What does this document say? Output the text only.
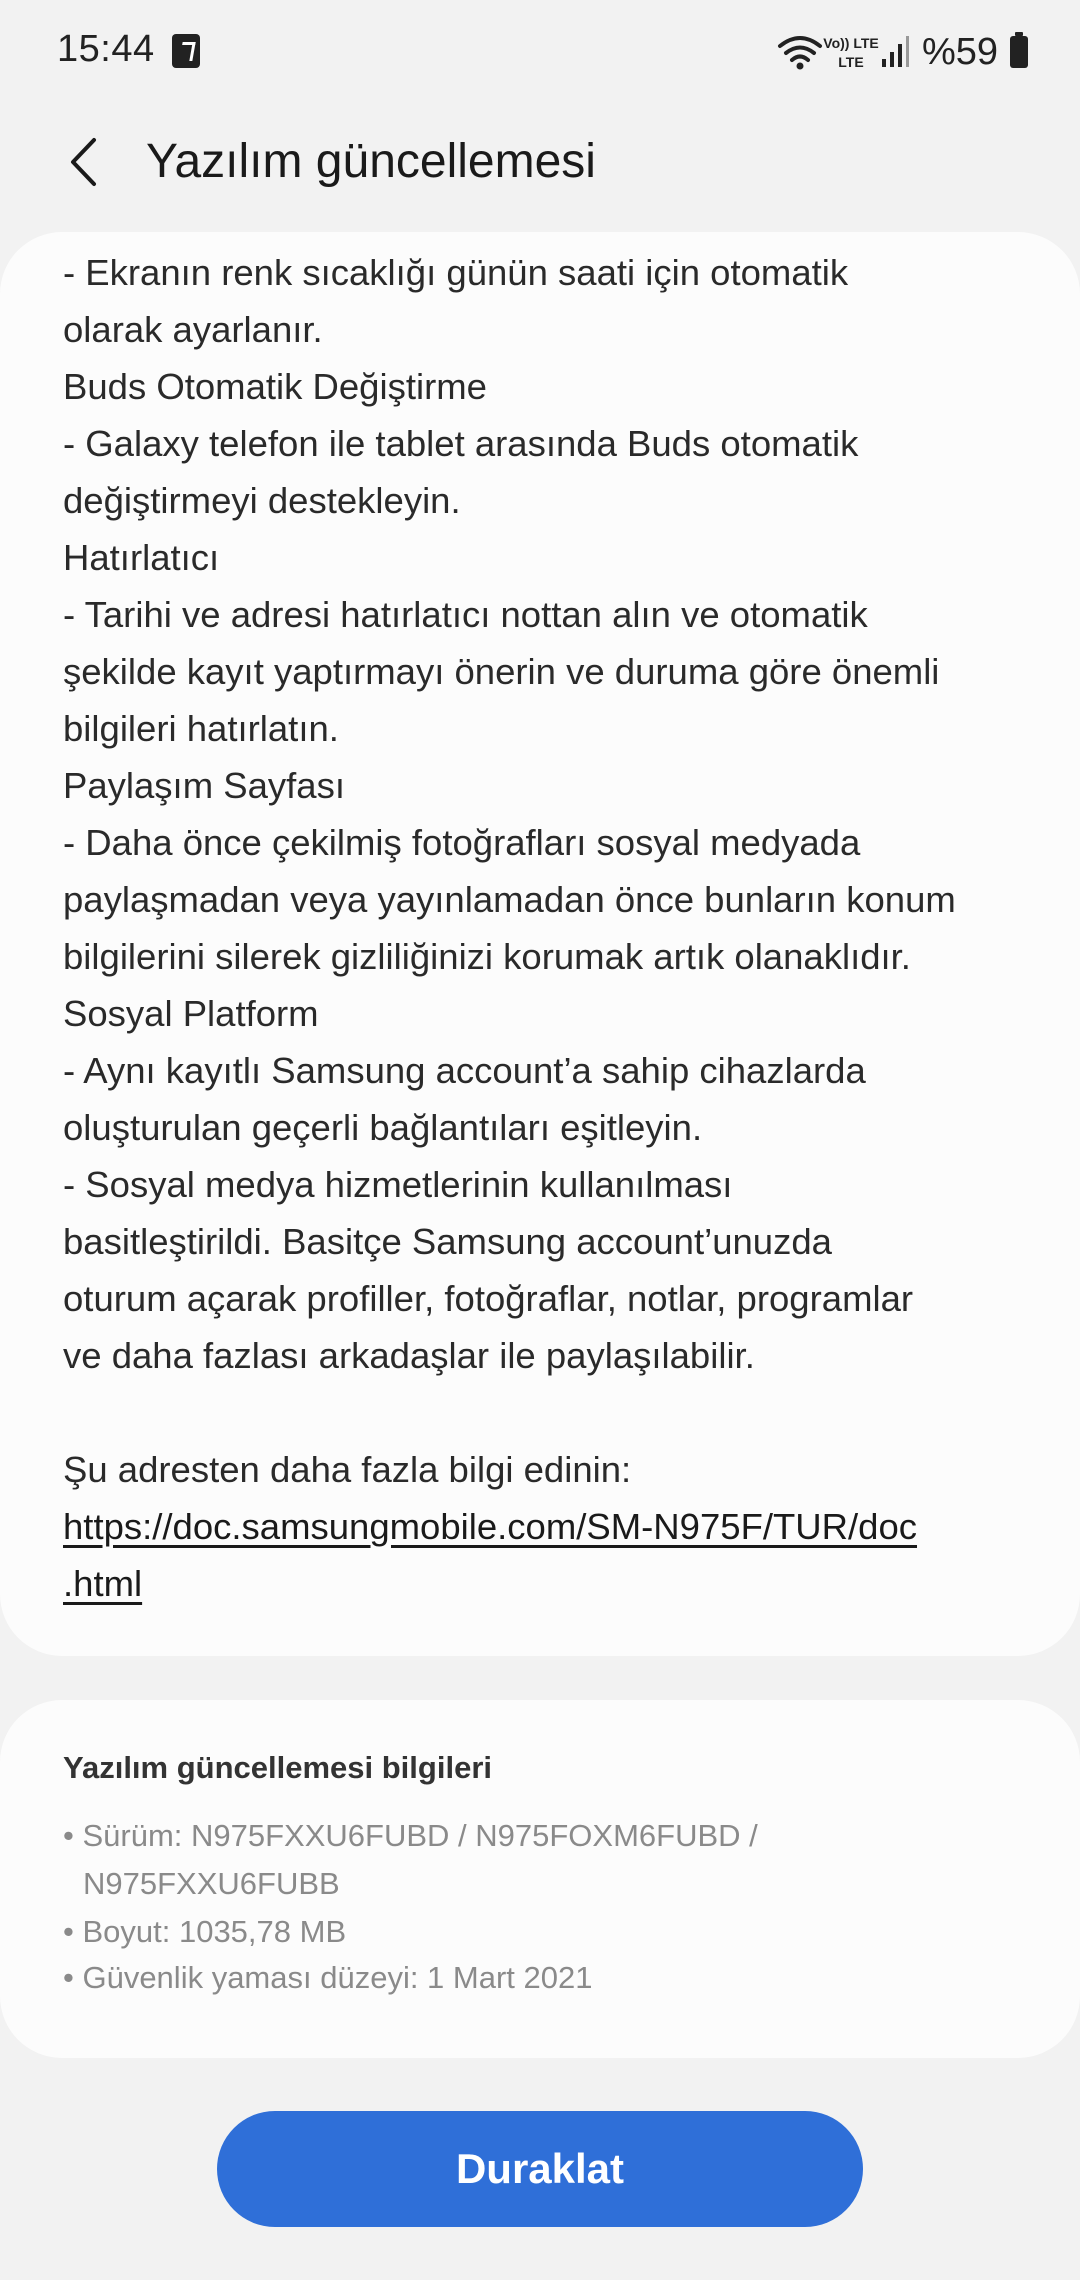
15:44	Vo)) LTE
LTE %59
Yazılım güncellemesi
- Ekranın renk sıcaklığı günün saati için otomatik
olarak ayarlanır.
Buds Otomatik Değiştirme
- Galaxy telefon ile tablet arasında Buds otomatik
değiştirmeyi destekleyin.
Hatırlatıcı
- Tarihi ve adresi hatırlatıcı nottan alın ve otomatik
şekilde kayıt yaptırmayı önerin ve duruma göre önemli
bilgileri hatırlatın.
Paylaşım Sayfası
- Daha önce çekilmiş fotoğrafları sosyal medyada
paylaşmadan veya yayınlamadan önce bunların konum
bilgilerini silerek gizliliğinizi korumak artık olanaklıdır.
Sosyal Platform
- Aynı kayıtlı Samsung account’a sahip cihazlarda
oluşturulan geçerli bağlantıları eşitleyin.
- Sosyal medya hizmetlerinin kullanılması
basitleştirildi. Basitçe Samsung account’unuzda
oturum açarak profiller, fotoğraflar, notlar, programlar
ve daha fazlası arkadaşlar ile paylaşılabilir.
Şu adresten daha fazla bilgi edinin:
https://doc.samsungmobile.com/SM-N975F/TUR/doc
.html
Yazılım güncellemesi bilgileri
• Sürüm: N975FXXU6FUBD / N975FOXM6FUBD /
N975FXXU6FUBB
• Boyut: 1035,78 MB
• Güvenlik yaması düzeyi: 1 Mart 2021
Duraklat
